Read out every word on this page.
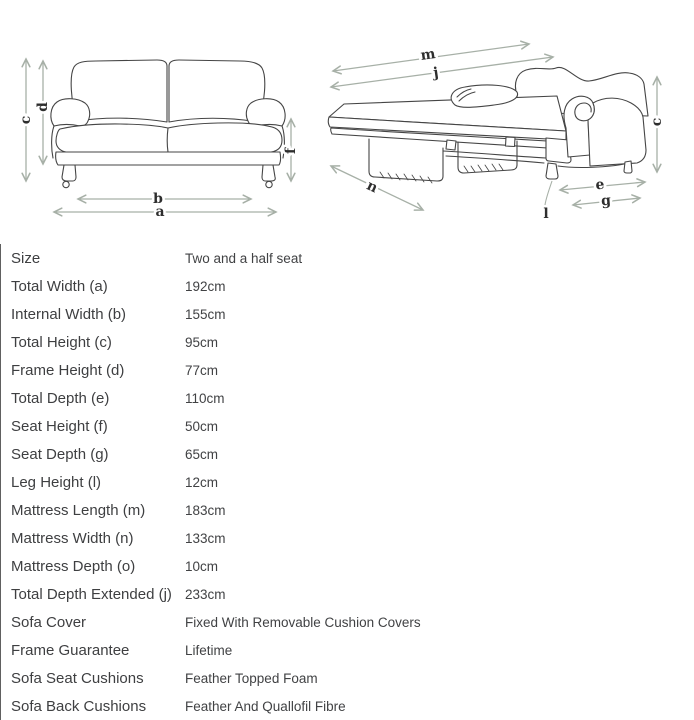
c
d
f
b
a
m
j
n
c
e
g
l
Size	Two and a half seat
Total Width (a)	192cm
Internal Width (b)	155cm
Total Height (c)	95cm
Frame Height (d)	77cm
Total Depth (e)	110cm
Seat Height (f)	50cm
Seat Depth (g)	65cm
Leg Height (l)	12cm
Mattress Length (m)	183cm
Mattress Width (n)	133cm
Mattress Depth (o)	10cm
Total Depth Extended (j) 233cm
Sofa Cover	Fixed With Removable Cushion Covers
Frame Guarantee	Lifetime
Sofa Seat Cushions	Feather Topped Foam
Sofa Back Cushions	Feather And Quallofil Fibre
